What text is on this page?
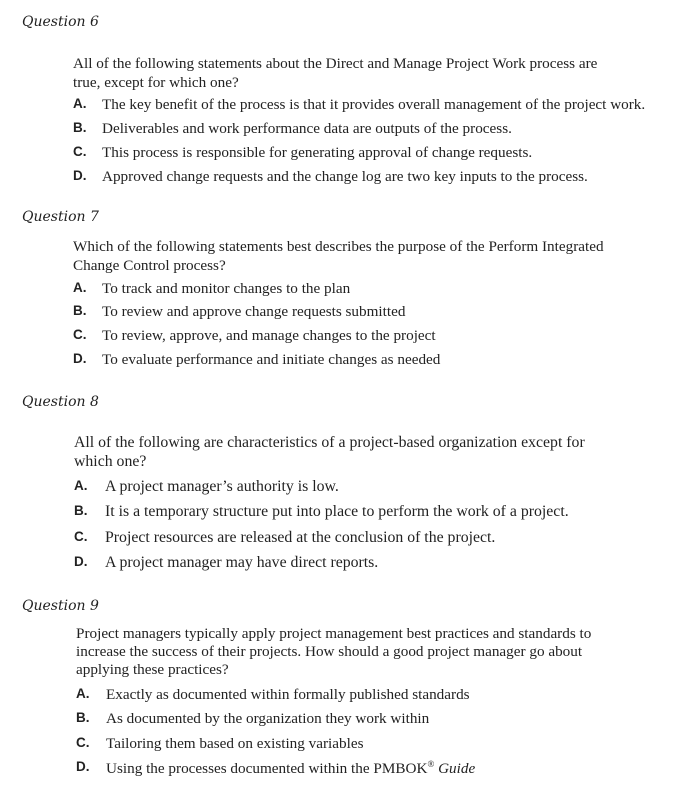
Question 6
All of the following statements about the Direct and Manage Project Work process are true, except for which one?
A. The key benefit of the process is that it provides overall management of the project work.
B. Deliverables and work performance data are outputs of the process.
C. This process is responsible for generating approval of change requests.
D. Approved change requests and the change log are two key inputs to the process.
Question 7
Which of the following statements best describes the purpose of the Perform Integrated Change Control process?
A. To track and monitor changes to the plan
B. To review and approve change requests submitted
C. To review, approve, and manage changes to the project
D. To evaluate performance and initiate changes as needed
Question 8
All of the following are characteristics of a project-based organization except for which one?
A. A project manager’s authority is low.
B. It is a temporary structure put into place to perform the work of a project.
C. Project resources are released at the conclusion of the project.
D. A project manager may have direct reports.
Question 9
Project managers typically apply project management best practices and standards to increase the success of their projects. How should a good project manager go about applying these practices?
A. Exactly as documented within formally published standards
B. As documented by the organization they work within
C. Tailoring them based on existing variables
D. Using the processes documented within the PMBOK® Guide
